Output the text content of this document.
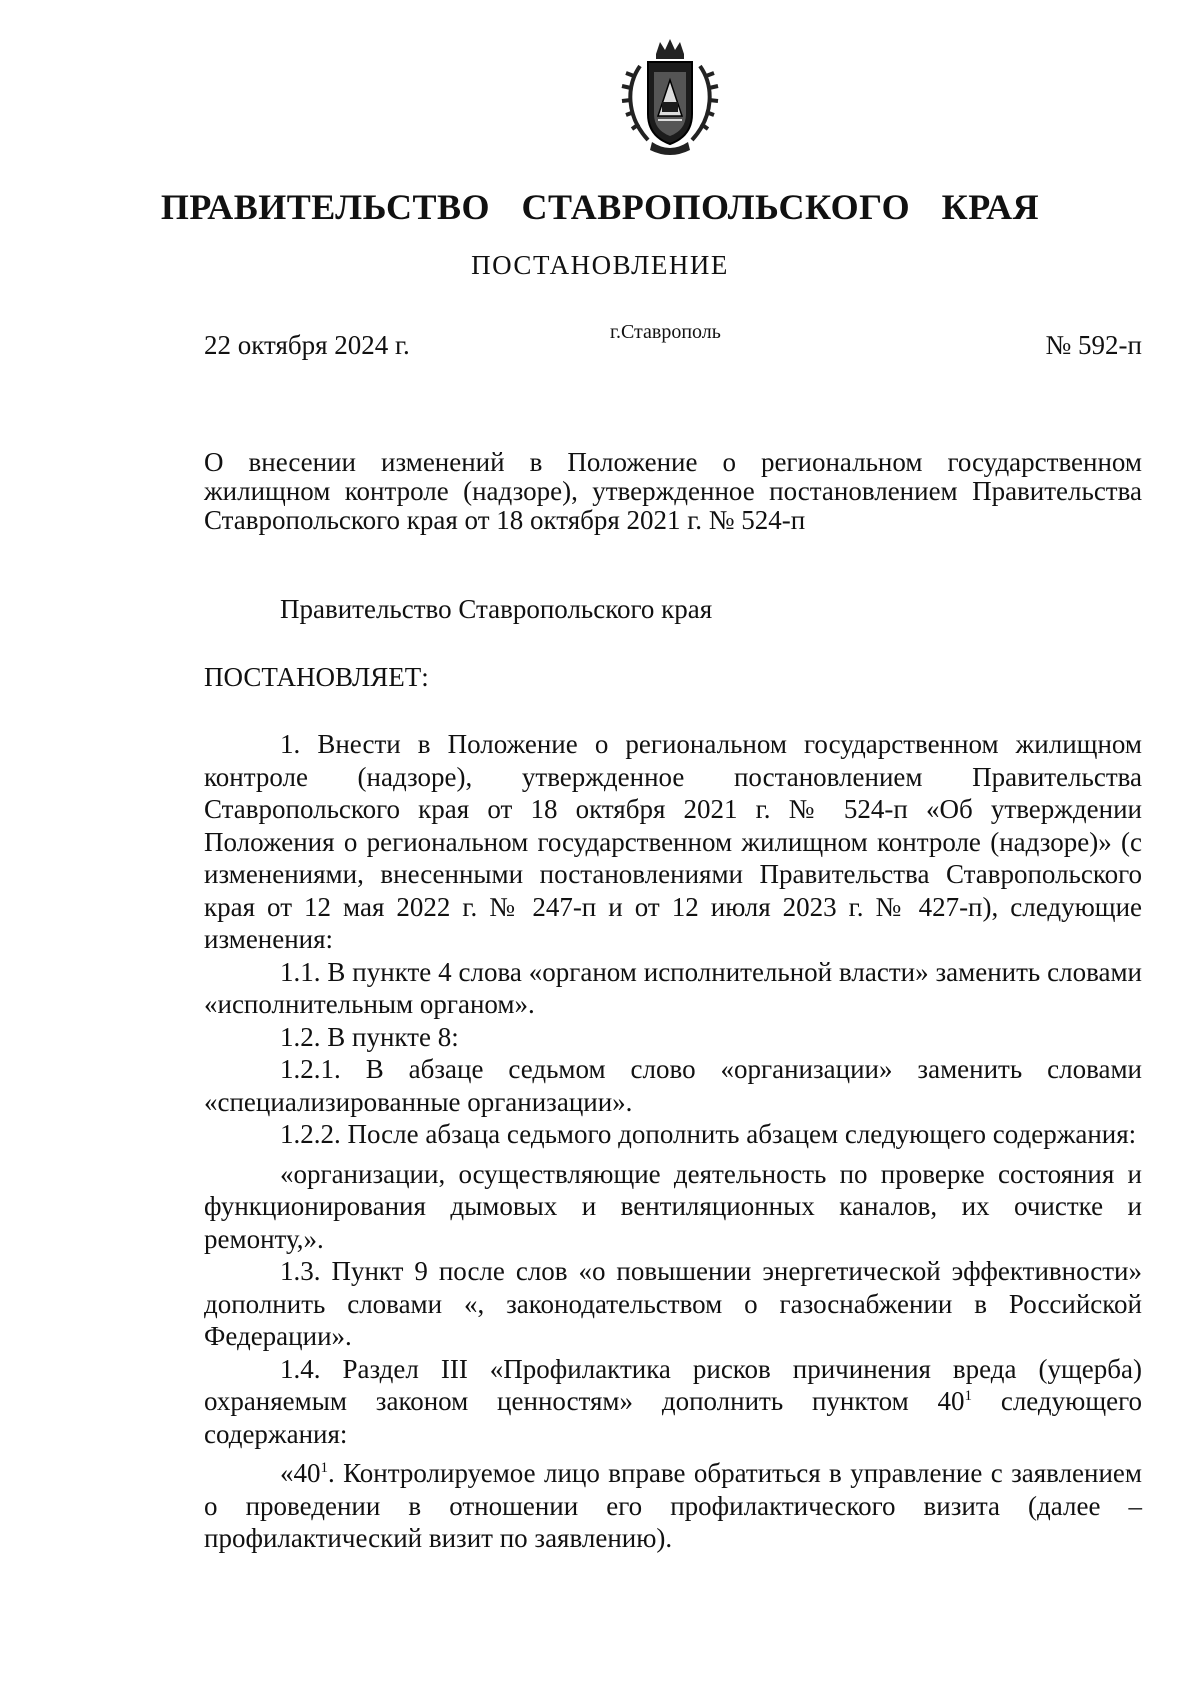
ПРАВИТЕЛЬСТВО СТАВРОПОЛЬСКОГО КРАЯ
ПОСТАНОВЛЕНИЕ
22 октября 2024 г.	г.Ставрополь	№ 592-п
О внесении изменений в Положение о региональном государственном жилищном контроле (надзоре), утвержденное постановлением Правительства Ставропольского края от 18 октября 2021 г. № 524-п
Правительство Ставропольского края
ПОСТАНОВЛЯЕТ:

1. Внести в Положение о региональном государственном жилищном контроле (надзоре), утвержденное постановлением Правительства Ставропольского края от 18 октября 2021 г. № 524-п «Об утверждении Положения о региональном государственном жилищном контроле (надзоре)» (с изменениями, внесенными постановлениями Правительства Ставропольского края от 12 мая 2022 г. № 247-п и от 12 июля 2023 г. № 427-п), следующие изменения:

1.1. В пункте 4 слова «органом исполнительной власти» заменить словами «исполнительным органом».

1.2. В пункте 8:

1.2.1. В абзаце седьмом слово «организации» заменить словами «специализированные организации».

1.2.2. После абзаца седьмого дополнить абзацем следующего содержания:

«организации, осуществляющие деятельность по проверке состояния и функционирования дымовых и вентиляционных каналов, их очистке и ремонту,».

1.3. Пункт 9 после слов «о повышении энергетической эффективности» дополнить словами «, законодательством о газоснабжении в Российской Федерации».

1.4. Раздел III «Профилактика рисков причинения вреда (ущерба) охраняемым законом ценностям» дополнить пунктом $40^1$ следующего содержания:

«$40^1$. Контролируемое лицо вправе обратиться в управление с заявлением о проведении в отношении его профилактического визита (далее – профилактический визит по заявлению).
